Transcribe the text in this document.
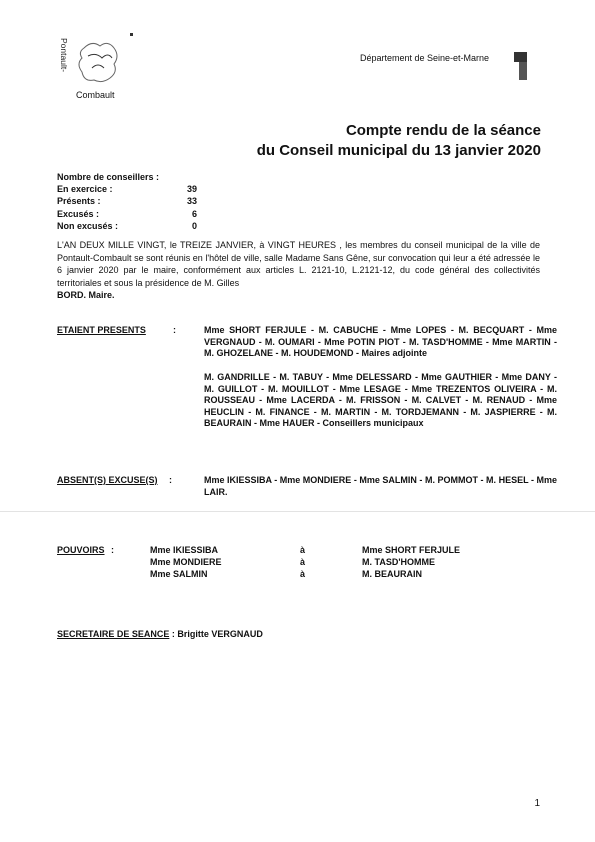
Pontault-
Combault
Département de Seine-et-Marne
Compte rendu de la séance
du Conseil municipal du 13 janvier 2020
Nombre de conseillers :
En exercice :	39
Présents :	33
Excusés :	6
Non excusés :	0
L'AN DEUX MILLE VINGT, le TREIZE JANVIER, à VINGT HEURES , les membres du conseil municipal de la ville de Pontault-Combault se sont réunis en l'hôtel de ville, salle Madame Sans Gêne, sur convocation qui leur a été adressée le 6 janvier 2020 par le maire, conformément aux articles L. 2121-10, L.2121-12, du code général des collectivités territoriales et sous la présidence de M. Gilles
BORD. Maire.
ETAIENT PRESENTS	:	Mme SHORT FERJULE - M. CABUCHE - Mme LOPES - M. BECQUART - Mme VERGNAUD - M. OUMARI - Mme POTIN PIOT - M. TASD'HOMME - Mme MARTIN - M. GHOZELANE - M. HOUDEMOND - Maires adjointe
M. GANDRILLE - M. TABUY - Mme DELESSARD - Mme GAUTHIER - Mme DANY - M. GUILLOT - M. MOUILLOT - Mme LESAGE - Mme TREZENTOS OLIVEIRA - M. ROUSSEAU - Mme LACERDA - M. FRISSON - M. CALVET - M. RENAUD - Mme HEUCLIN - M. FINANCE - M. MARTIN - M. TORDJEMANN - M. JASPIERRE - M. BEAURAIN - Mme HAUER - Conseillers municipaux
ABSENT(S) EXCUSE(S) :	Mme IKIESSIBA - Mme MONDIERE - Mme SALMIN - M. POMMOT - M. HESEL - Mme LAIR.
POUVOIRS :	Mme IKIESSIBA	à	Mme SHORT FERJULE
Mme MONDIERE	à	M. TASD'HOMME
Mme SALMIN	à	M. BEAURAIN
SECRETAIRE DE SEANCE : Brigitte VERGNAUD
1
